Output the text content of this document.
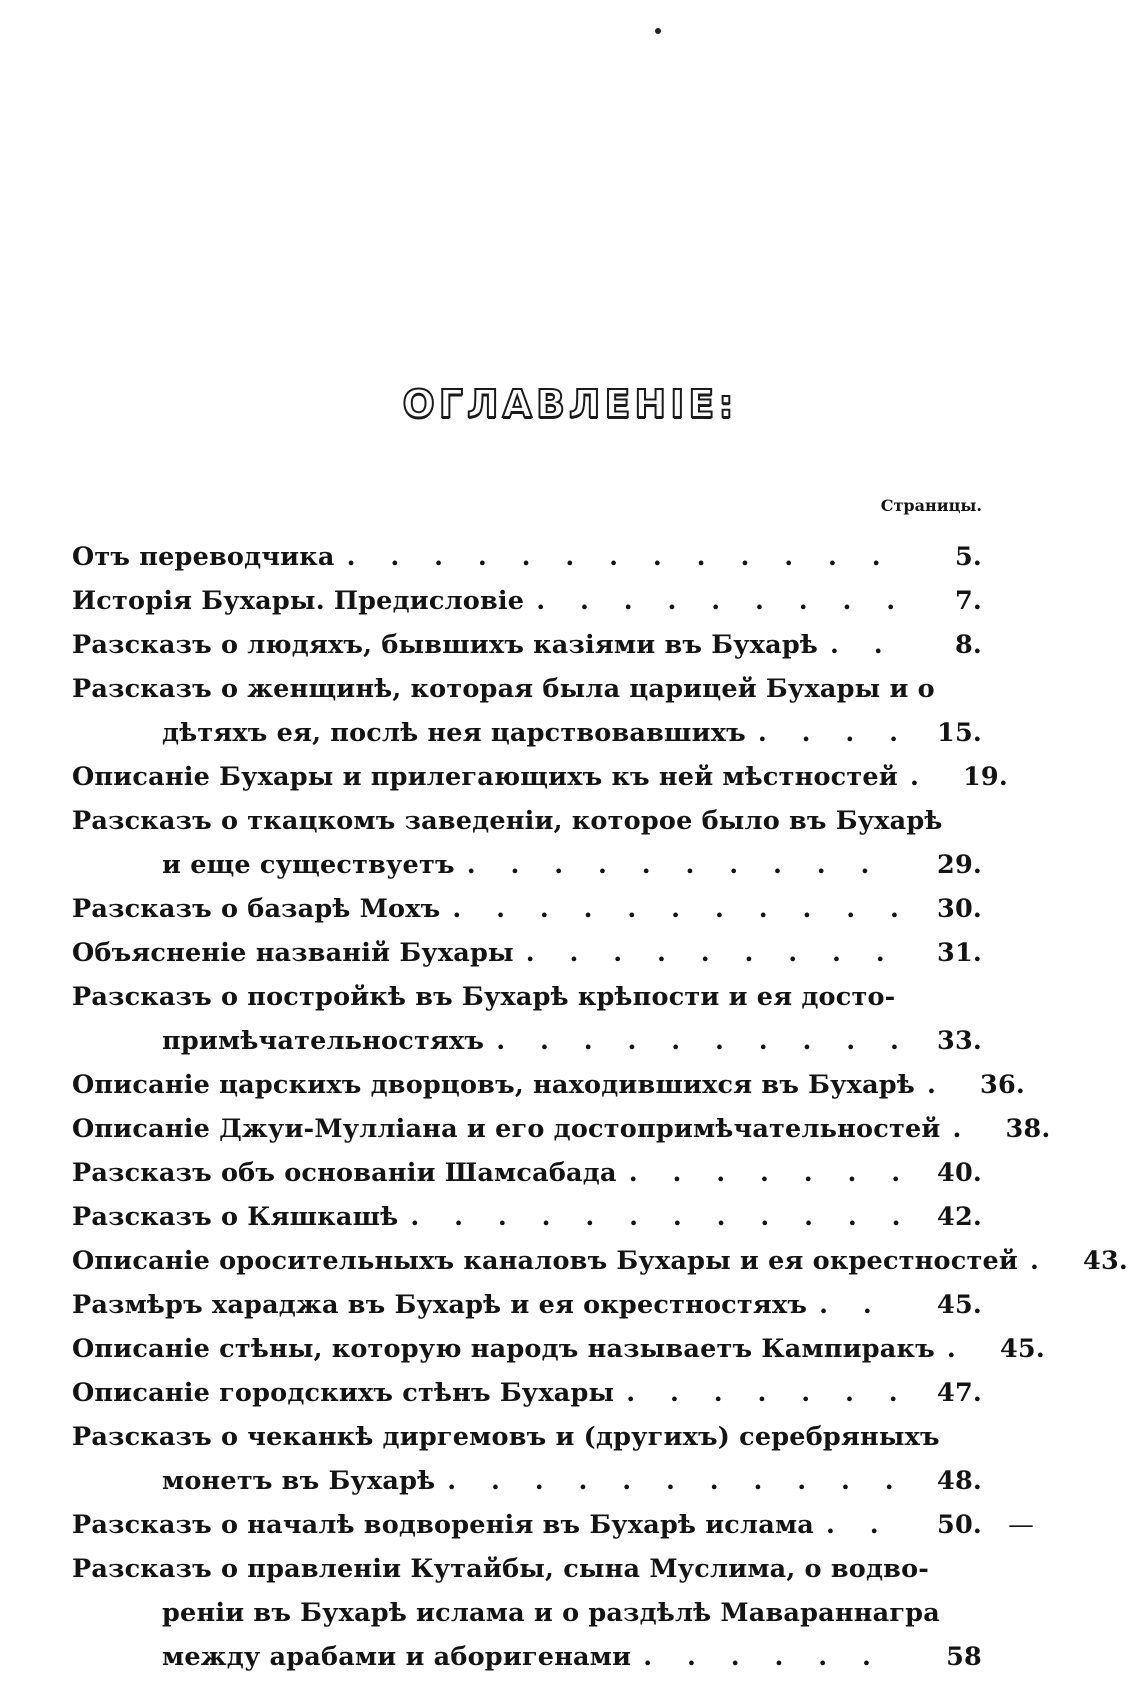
ОГЛАВЛЕНІЕ:
Страницы.
Отъ переводчика . . .	5.
Исторія Бухары. Предисловіе . . .	7.
Разсказъ о людяхъ, бывшихъ казіями въ Бухарѣ . . .	8.
Разсказъ о женщинѣ, которая была царицей Бухары и о
дѣтяхъ ея, послѣ нея царствовавшихъ . . .	15.
Описаніе Бухары и прилегающихъ къ ней мѣстностей . . .	19.
Разсказъ о ткацкомъ заведеніи, которое было въ Бухарѣ
и еще существуетъ . . .	29.
Разсказъ о базарѣ Мохъ . . .	30.
Объясненіе названій Бухары . . .	31.
Разсказъ о постройкѣ въ Бухарѣ крѣпости и ея досто-
примѣчательностяхъ . . .	33.
Описаніе царскихъ дворцовъ, находившихся въ Бухарѣ . . .	36.
Описаніе Джуи-Мулліана и его достопримѣчательностей . . .	38.
Разсказъ объ основаніи Шамсабада . . .	40.
Разсказъ о Кяшкашѣ . . .	42.
Описаніе оросительныхъ каналовъ Бухары и ея окрестностей . . .	43.
Размѣръ хараджа въ Бухарѣ и ея окрестностяхъ . . .	45.
Описаніе стѣны, которую народъ называетъ Кампиракъ . . .	45.
Описаніе городскихъ стѣнъ Бухары . . .	47.
Разсказъ о чеканкѣ диргемовъ и (другихъ) серебряныхъ
монетъ въ Бухарѣ . . .	48.
Разсказъ о началѣ водворенія въ Бухарѣ ислама . . .	50. —
Разсказъ о правленіи Кутайбы, сына Муслима, о водво-
реніи въ Бухарѣ ислама и о раздѣлѣ Мавараннагра
между арабами и аборигенами . . .	58
